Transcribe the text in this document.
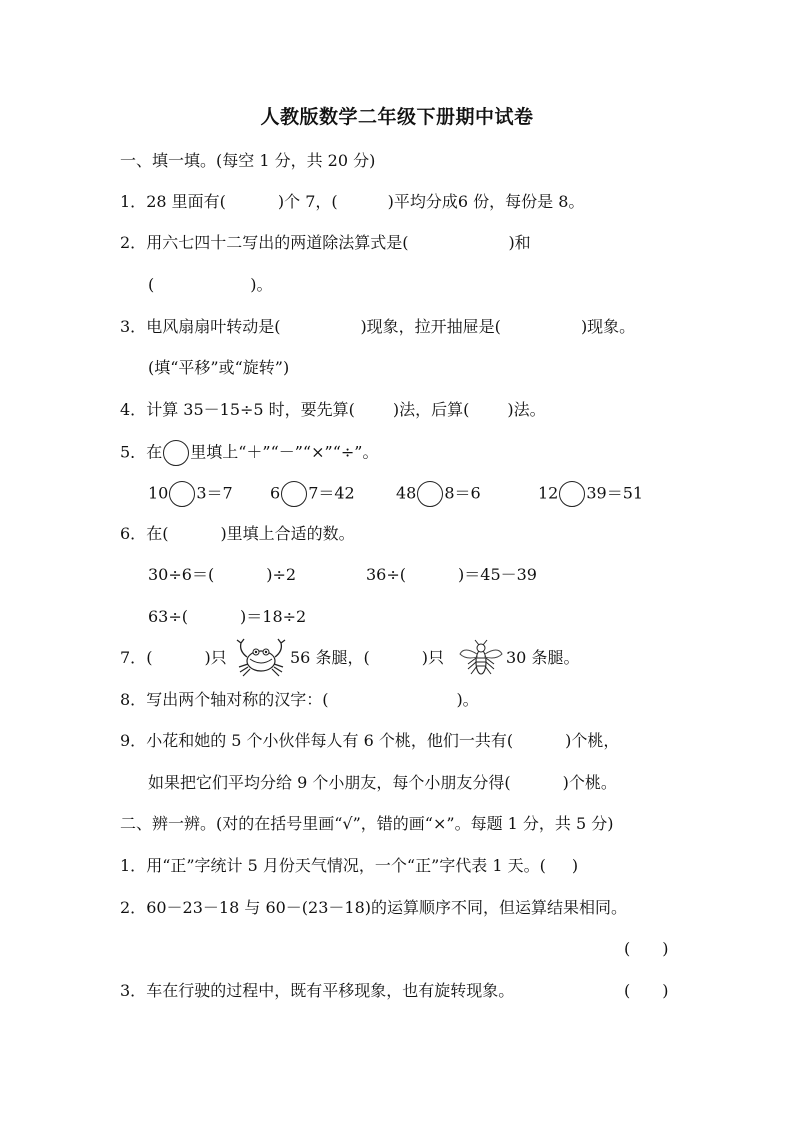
人教版数学二年级下册期中试卷
一、填一填。(每空 1 分，共 20 分)
1．28 里面有(	)个 7，(	)平均分成6 份，每份是 8。
2．用六七四十二写出的两道除法算式是(	)和
(	)。
3．电风扇扇叶转动是(	)现象，拉开抽屉是(	)现象。
(填“平移”或“旋转”)
4．计算 35－15÷5 时，要先算( )法，后算( )法。
5．在 里填上“＋”“－”“×”“÷”。
10 3＝7 6 7＝42	48 8＝6	12 39＝51
6．在(	)里填上合适的数。
30÷6＝(	)÷2	36÷(	)＝45－39
63÷(	)＝18÷2
7．(	)只	56 条腿，(	)只	30 条腿。
8．写出两个轴对称的汉字：(	)。
9．小花和她的 5 个小伙伴每人有 6 个桃，他们一共有(	)个桃，
如果把它们平均分给 9 个小朋友，每个小朋友分得(	)个桃。
二、辨一辨。(对的在括号里画“√”，错的画“×”。每题 1 分，共 5 分)
1．用“正”字统计 5 月份天气情况，一个“正”字代表 1 天。( )
2．60－23－18 与 60－(23－18)的运算顺序不同，但运算结果相同。
( )
3．车在行驶的过程中，既有平移现象，也有旋转现象。	( )
